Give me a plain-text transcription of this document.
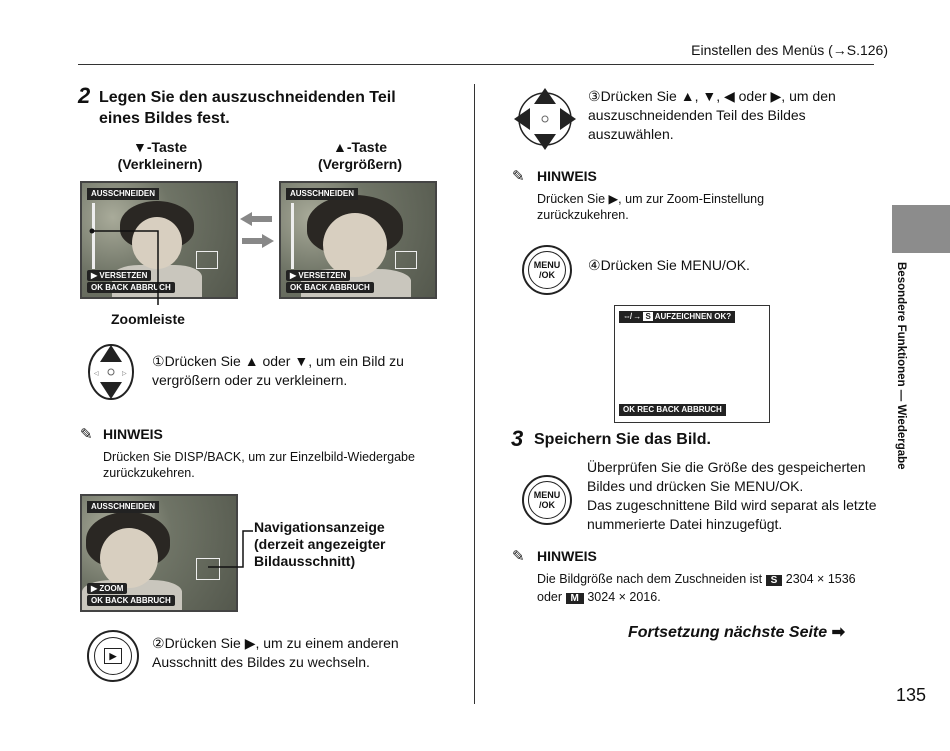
Einstellen des Menüs (→S.126)
Besondere Funktionen — Wiedergabe
2 Legen Sie den auszuschneidenden Teil eines Bildes fest.
▼-Taste
(Verkleinern)
▲-Taste
(Vergrößern)
AUSSCHNEIDEN
▶ VERSETZEN
OK BACK ABBRUCH
AUSSCHNEIDEN
▶ VERSETZEN
OK BACK ABBRUCH
Zoomleiste
◁	▷
①Drücken Sie ▲ oder ▼, um ein Bild zu vergrößern oder zu verkleinern.
✎ HINWEIS
Drücken Sie DISP/BACK, um zur Einzelbild-Wiedergabe zurückzukehren.
AUSSCHNEIDEN
▶ ZOOM
OK BACK ABBRUCH
Navigationsanzeige (derzeit angezeigter Bildausschnitt)
▶
②Drücken Sie ▶, um zu einem anderen Ausschnitt des Bildes zu wechseln.
③Drücken Sie ▲, ▼, ◀ oder ▶, um den auszuschneidenden Teil des Bildes auszuwählen.
✎ HINWEIS
Drücken Sie ▶, um zur Zoom-Einstellung zurückzukehren.
MENU /OK
④Drücken Sie MENU/OK.
⇎ → S AUFZEICHNEN OK?
OK REC BACK ABBRUCH
3 Speichern Sie das Bild.
MENU /OK
Überprüfen Sie die Größe des gespeicherten Bildes und drücken Sie MENU/OK.
Das zugeschnittene Bild wird separat als letzte nummerierte Datei hinzugefügt.
✎ HINWEIS
Die Bildgröße nach dem Zuschneiden ist S 2304 × 1536 oder M 3024 × 2016.
Fortsetzung nächste Seite ➡
135
